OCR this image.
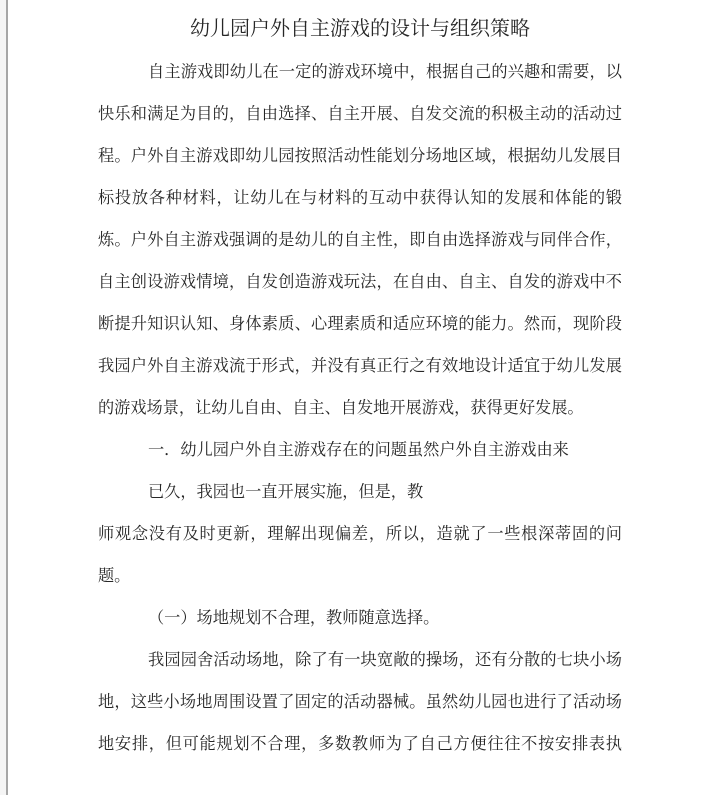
幼儿园户外自主游戏的设计与组织策略
自主游戏即幼儿在一定的游戏环境中，根据自己的兴趣和需要，以
快乐和满足为目的，自由选择、自主开展、自发交流的积极主动的活动过
程。户外自主游戏即幼儿园按照活动性能划分场地区域，根据幼儿发展目
标投放各种材料，让幼儿在与材料的互动中获得认知的发展和体能的锻
炼。户外自主游戏强调的是幼儿的自主性，即自由选择游戏与同伴合作，
自主创设游戏情境，自发创造游戏玩法，在自由、自主、自发的游戏中不
断提升知识认知、身体素质、心理素质和适应环境的能力。然而，现阶段
我园户外自主游戏流于形式，并没有真正行之有效地设计适宜于幼儿发展
的游戏场景，让幼儿自由、自主、自发地开展游戏，获得更好发展。
一．幼儿园户外自主游戏存在的问题虽然户外自主游戏由来
已久，我园也一直开展实施，但是，教
师观念没有及时更新，理解出现偏差，所以，造就了一些根深蒂固的问
题。
（一）场地规划不合理，教师随意选择。
我园园舍活动场地，除了有一块宽敞的操场，还有分散的七块小场
地，这些小场地周围设置了固定的活动器械。虽然幼儿园也进行了活动场
地安排，但可能规划不合理，多数教师为了自己方便往往不按安排表执
